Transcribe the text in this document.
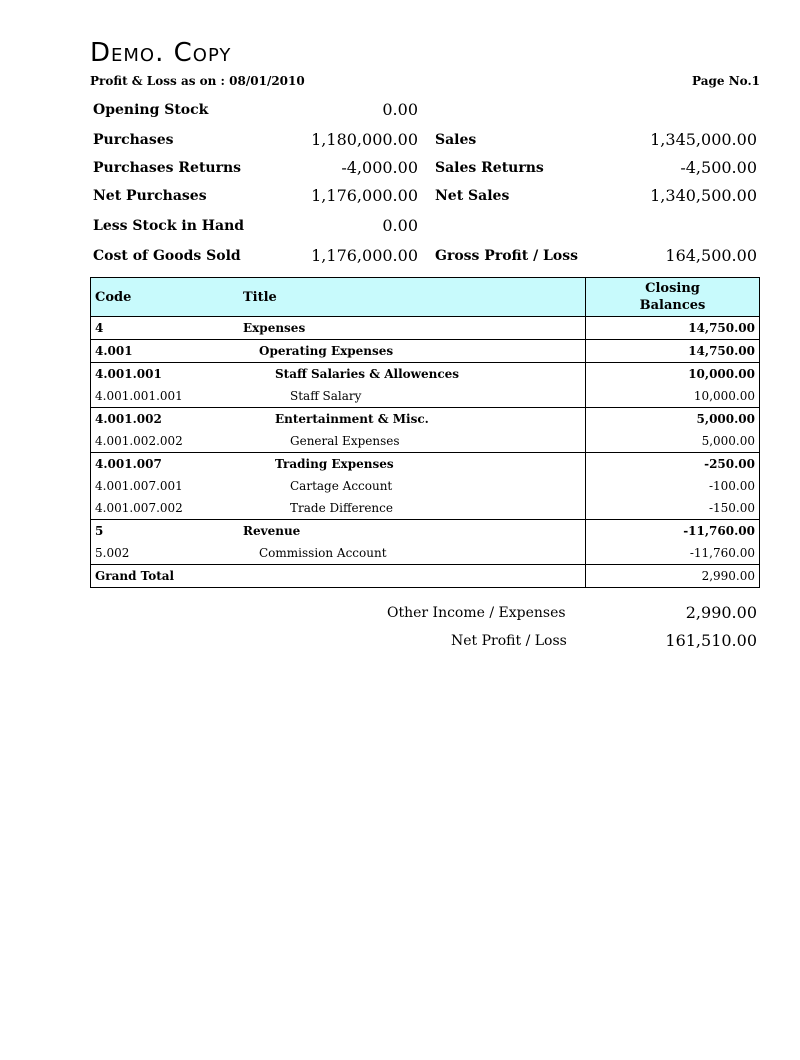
Demo. Copy
Profit & Loss as on : 08/01/2010	Page No.1
Opening Stock	0.00
Purchases	1,180,000.00
Purchases Returns	-4,000.00
Net Purchases	1,176,000.00
Less Stock in Hand	0.00
Cost of Goods Sold	1,176,000.00
Sales	1,345,000.00
Sales Returns	-4,500.00
Net Sales	1,340,500.00
Gross Profit / Loss	164,500.00
Code	Title	Closing
Balances

4	Expenses	14,750.00
4.001	Operating Expenses	14,750.00
4.001.001	Staff Salaries & Allowences	10,000.00
4.001.001.001	Staff Salary	10,000.00
4.001.002	Entertainment & Misc.	5,000.00
4.001.002.002	General Expenses	5,000.00
4.001.007	Trading Expenses	-250.00
4.001.007.001	Cartage Account	-100.00
4.001.007.002	Trade Difference	-150.00
5	Revenue	-11,760.00
5.002	Commission Account	-11,760.00
Grand Total		2,990.00
Other Income / Expenses	2,990.00
Net Profit / Loss	161,510.00
